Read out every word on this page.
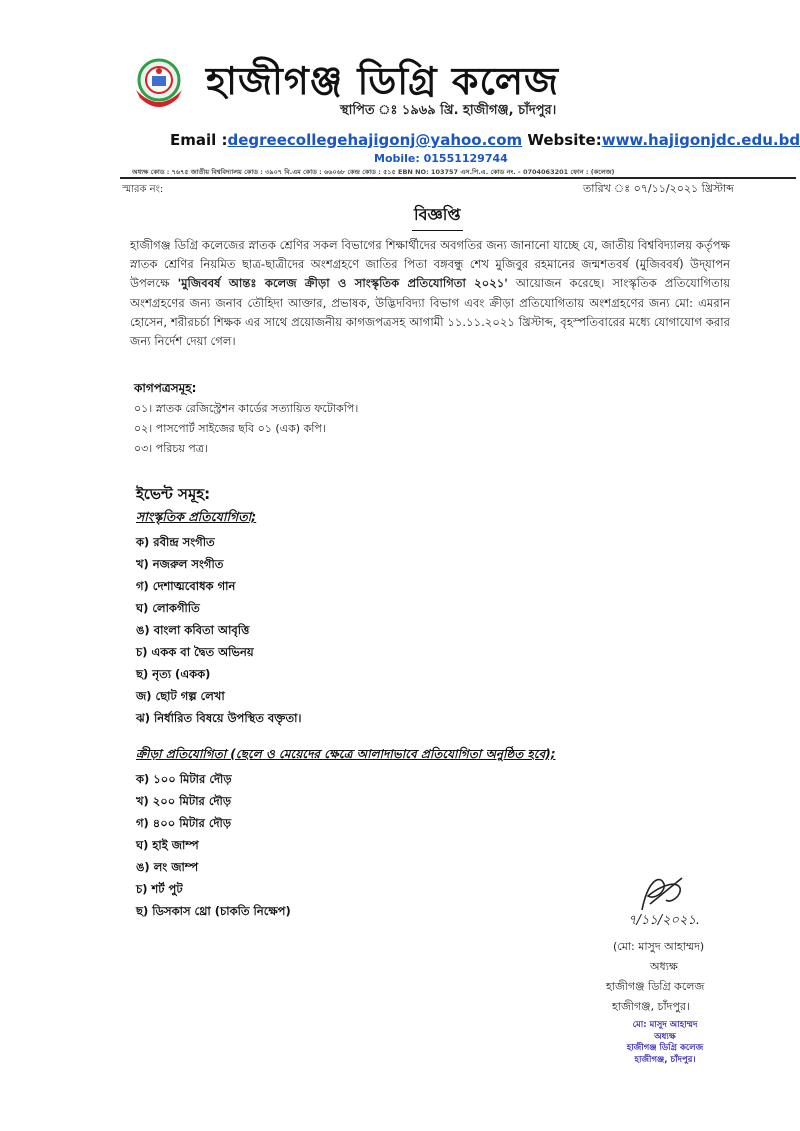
হাজীগঞ্জ ডিগ্রি কলেজ
স্থাপিত ঃ ১৯৬৯ খ্রি. হাজীগঞ্জ, চাঁদপুর।
Email :degreecollegehajigonj@yahoo.com Website:www.hajigonjdc.edu.bd
Mobile: 01551129744
অধ্যক্ষ কোড : ৭৬৭৫ জাতীয় বিশ্ববিদ্যালয় কোড : ৩৯০৭ বি.এম কোড : ৬৬০৬৮ কেন্দ্র কোড : ৫১৫ EBN NO: 103757 এস.পি.এ. কোড নং. - 0704063201 ফোন : (কলেজ)
স্মারক নং:	তারিখ ঃ ০৭/১১/২০২১ খ্রিস্টাব্দ
বিজ্ঞপ্তি
হাজীগঞ্জ ডিগ্রি কলেজের স্নাতক শ্রেণির সকল বিভাগের শিক্ষার্থীদের অবগতির জন্য জানানো যাচ্ছে যে, জাতীয় বিশ্ববিদ্যালয় কর্তৃপক্ষ স্নাতক শ্রেণির নিয়মিত ছাত্র-ছাত্রীদের অংশগ্রহণে জাতির পিতা বঙ্গবন্ধু শেখ মুজিবুর রহমানের জন্মশতবর্ষ (মুজিববর্ষ) উদ্‌যাপন উপলক্ষে 'মুজিববর্ষ আন্তঃ কলেজ ক্রীড়া ও সাংস্কৃতিক প্রতিযোগিতা ২০২১' আয়োজন করেছে। সাংস্কৃতিক প্রতিযোগিতায় অংশগ্রহণের জন্য জনাব তৌহিদা আক্তার, প্রভাষক, উদ্ভিদবিদ্যা বিভাগ এবং ক্রীড়া প্রতিযোগিতায় অংশগ্রহণের জন্য মো: এমরান হোসেন, শরীরচর্চা শিক্ষক এর সাথে প্রয়োজনীয় কাগজপত্রসহ আগামী ১১.১১.২০২১ খ্রিস্টাব্দ, বৃহস্পতিবারের মধ্যে যোগাযোগ করার জন্য নির্দেশ দেয়া গেল।
কাগপত্রসমূহ:
০১। স্নাতক রেজিস্ট্রেশন কার্ডের সত্যায়িত ফটোকপি।
০২। পাসপোর্ট সাইজের ছবি ০১ (এক) কপি।
০৩। পরিচয় পত্র।
ইভেন্ট সমূহ:
সাংস্কৃতিক প্রতিযোগিতা;
ক) রবীন্দ্র সংগীত
খ) নজরুল সংগীত
গ) দেশাত্মবোধক গান
ঘ) লোকগীতি
ঙ) বাংলা কবিতা আবৃত্তি
চ) একক বা দ্বৈত অভিনয়
ছ) নৃত্য (একক)
জ) ছোট গল্প লেখা
ঝ) নির্ধারিত বিষয়ে উপস্থিত বক্তৃতা।
ক্রীড়া প্রতিযোগিতা (ছেলে ও মেয়েদের ক্ষেত্রে আলাদাভাবে প্রতিযোগিতা অনুষ্ঠিত হবে);
ক) ১০০ মিটার দৌড়
খ) ২০০ মিটার দৌড়
গ) ৪০০ মিটার দৌড়
ঘ) হাই জাম্প
ঙ) লং জাম্প
চ) শর্ট পুট
ছ) ডিসকাস থ্রো (চাকতি নিক্ষেপ)
৭/১১/২০২১.
(মো: মাসুদ আহাম্মদ)
অধ্যক্ষ
হাজীগঞ্জ ডিগ্রি কলেজ
হাজীগঞ্জ, চাঁদপুর।
মো: মাসুদ আহাম্মদ
অধ্যক্ষ
হাজীগঞ্জ ডিগ্রি কলেজ
হাজীগঞ্জ, চাঁদপুর।
